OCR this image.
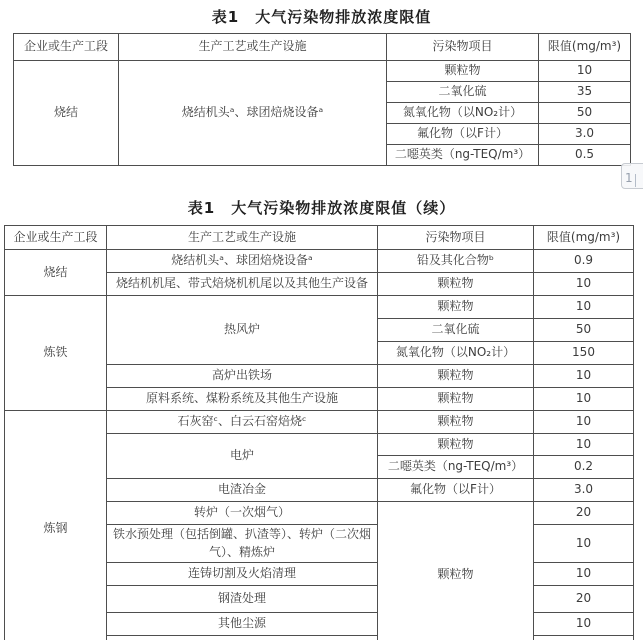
表1　大气污染物排放浓度限值
企业或生产工段	生产工艺或生产设施	污染物项目	限值(mg/m³)
烧结	烧结机头ᵃ、球团焙烧设备ᵃ	颗粒物	10
		二氧化硫	35
		氮氧化物（以NO₂计）	50
		氟化物（以F计）	3.0
		二噁英类（ng-TEQ/m³）	0.5
表1　大气污染物排放浓度限值（续）
企业或生产工段	生产工艺或生产设施	污染物项目	限值(mg/m³)
烧结	烧结机头ᵃ、球团焙烧设备ᵃ	铅及其化合物ᵇ	0.9
	烧结机机尾、带式焙烧机机尾以及其他生产设备	颗粒物	10
炼铁	热风炉	颗粒物	10
		二氧化硫	50
		氮氧化物（以NO₂计）	150
	高炉出铁场	颗粒物	10
	原料系统、煤粉系统及其他生产设施	颗粒物	10
炼钢	石灰窑ᶜ、白云石窑焙烧ᶜ	颗粒物	10
	电炉	颗粒物	10
		二噁英类（ng-TEQ/m³）	0.2
	电渣冶金	氟化物（以F计）	3.0
	转炉（一次烟气）	颗粒物	20
	铁水预处理（包括倒罐、扒渣等）、转炉（二次烟气）、精炼炉		10
	连铸切割及火焰清理		10
	钢渣处理		20
	其他尘源		10

1
